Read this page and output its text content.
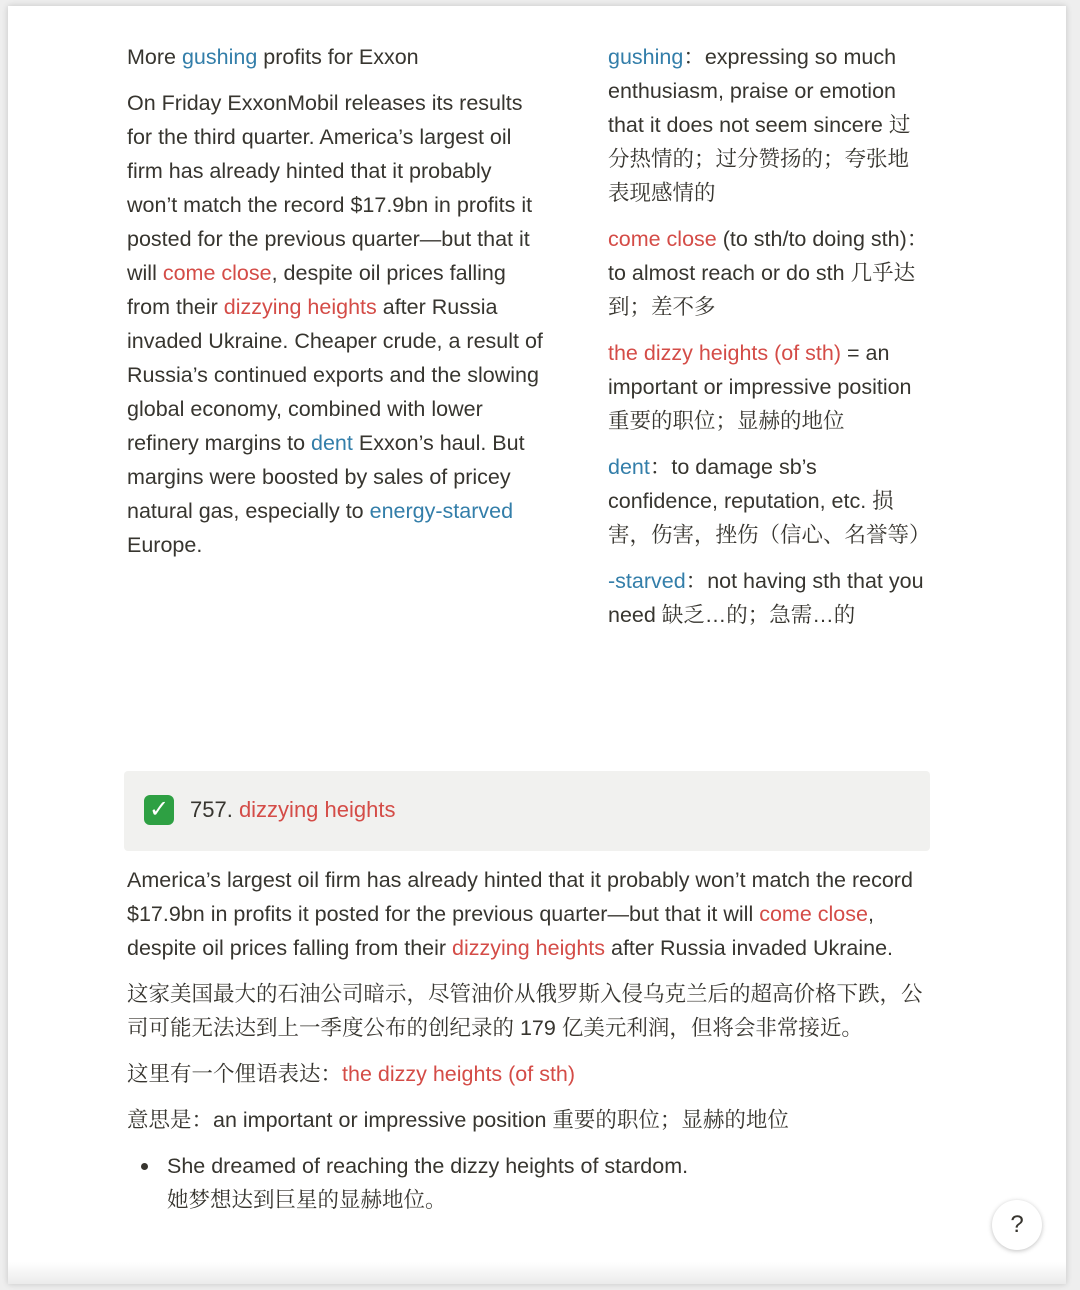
More gushing profits for Exxon

On Friday ExxonMobil releases its results for the third quarter. America’s largest oil firm has already hinted that it probably won’t match the record $17.9bn in profits it posted for the previous quarter—but that it will come close, despite oil prices falling from their dizzying heights after Russia invaded Ukraine. Cheaper crude, a result of Russia’s continued exports and the slowing global economy, combined with lower refinery margins to dent Exxon’s haul. But margins were boosted by sales of pricey natural gas, especially to energy-starved Europe.

gushing：expressing so much enthusiasm, praise or emotion that it does not seem sincere 过分热情的；过分赞扬的；夸张地表现感情的

come close (to sth/to doing sth)：to almost reach or do sth 几乎达到；差不多

the dizzy heights (of sth) = an important or impressive position 重要的职位；显赫的地位

dent：to damage sb’s confidence, reputation, etc. 损害，伤害，挫伤（信心、名誉等）

-starved：not having sth that you need 缺乏…的；急需…的

✓ 757. dizzying heights

America’s largest oil firm has already hinted that it probably won’t match the record $17.9bn in profits it posted for the previous quarter—but that it will come close, despite oil prices falling from their dizzying heights after Russia invaded Ukraine.

这家美国最大的石油公司暗示，尽管油价从俄罗斯入侵乌克兰后的超高价格下跌，公司可能无法达到上一季度公布的创纪录的 179 亿美元利润，但将会非常接近。

这里有一个俚语表达：the dizzy heights (of sth)

意思是：an important or impressive position 重要的职位；显赫的地位

She dreamed of reaching the dizzy heights of stardom.
她梦想达到巨星的显赫地位。
?
